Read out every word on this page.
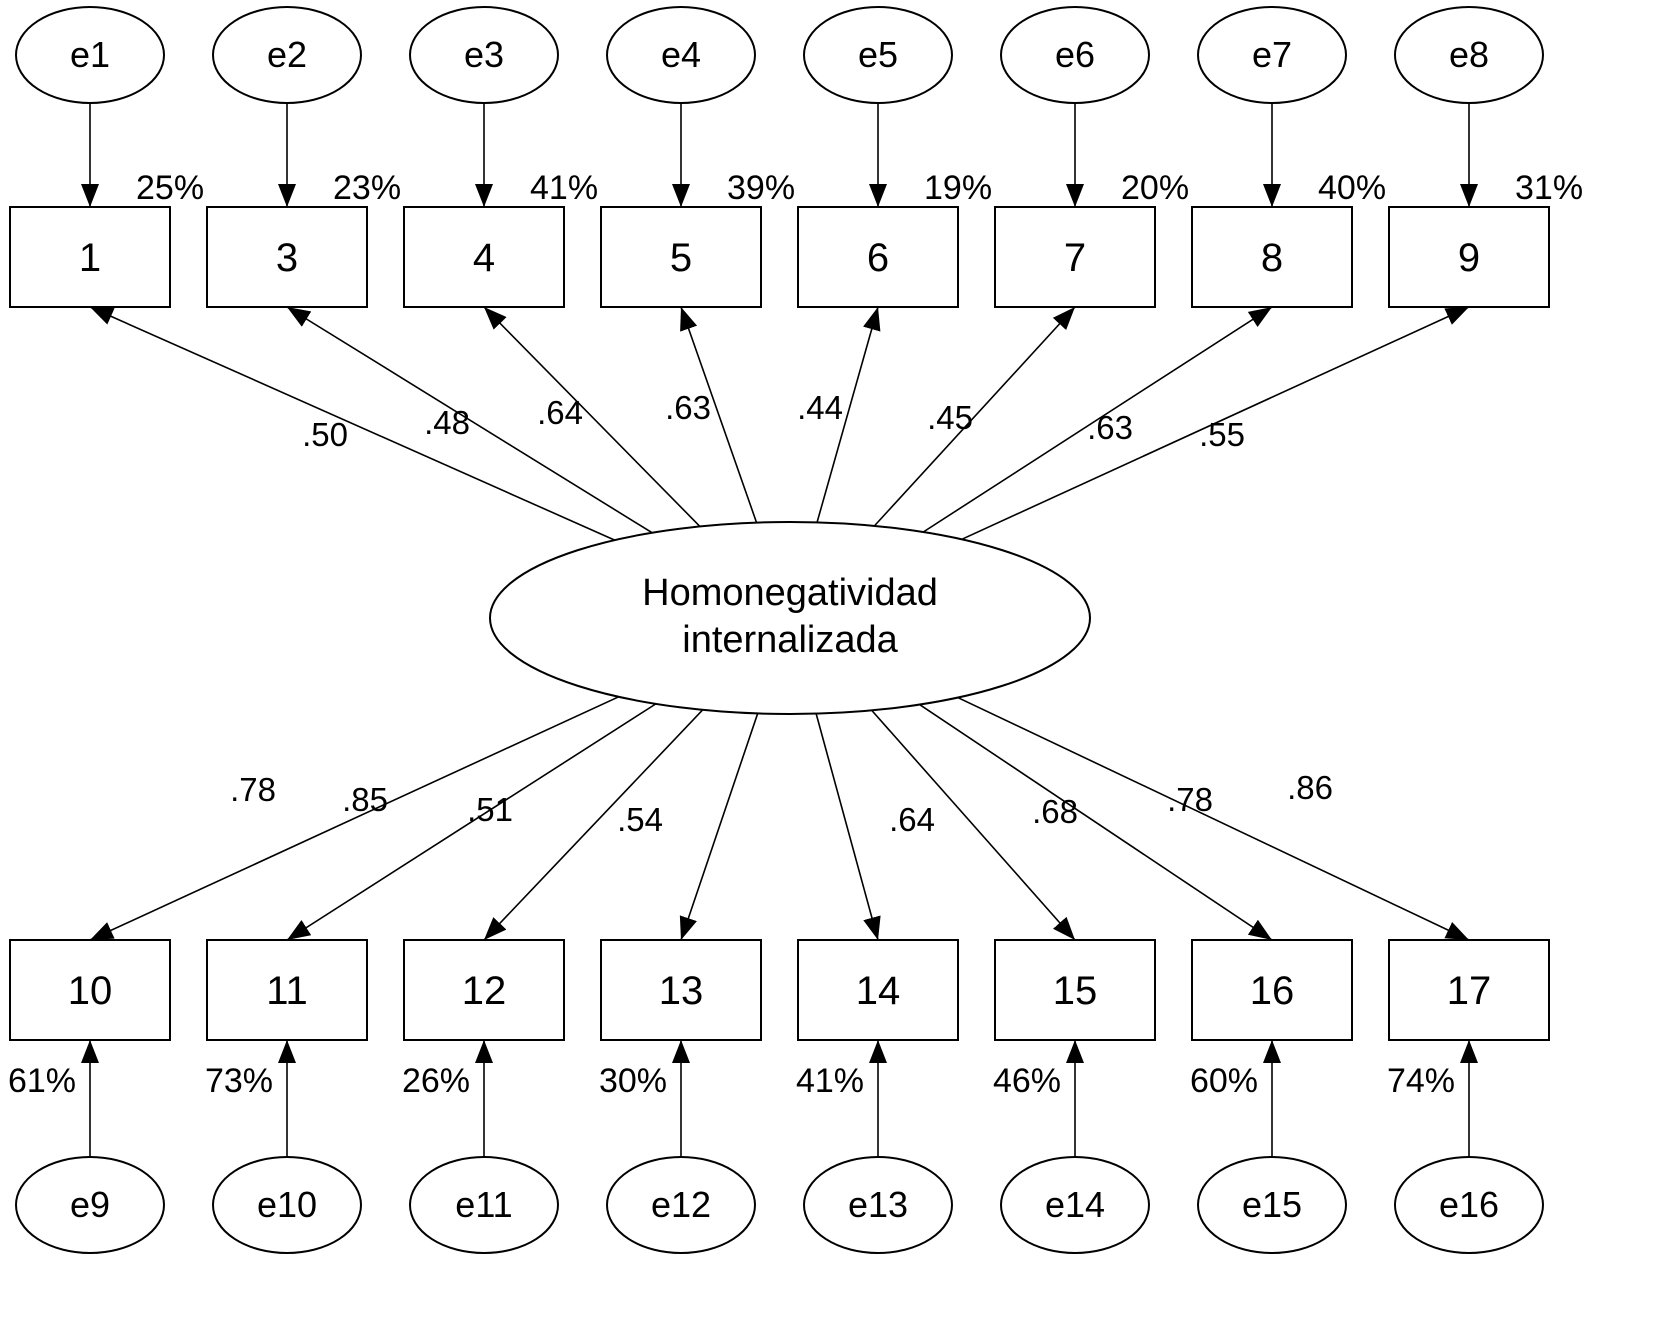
.50
e1
25%
1
.48
e2
23%
3
.64
e3
41%
4
.63
e4
39%
5
.44
e5
19%
6
.45
e6
20%
7
.63
e7
40%
8
.55
e8
31%
9
.78
e9
61%
10
.85
e10
73%
11
.51
e11
26%
12
.54
e12
30%
13
.64
e13
41%
14
.68
e14
46%
15
.78
e15
60%
16
.86
e16
74%
17
Homonegatividad
internalizada
